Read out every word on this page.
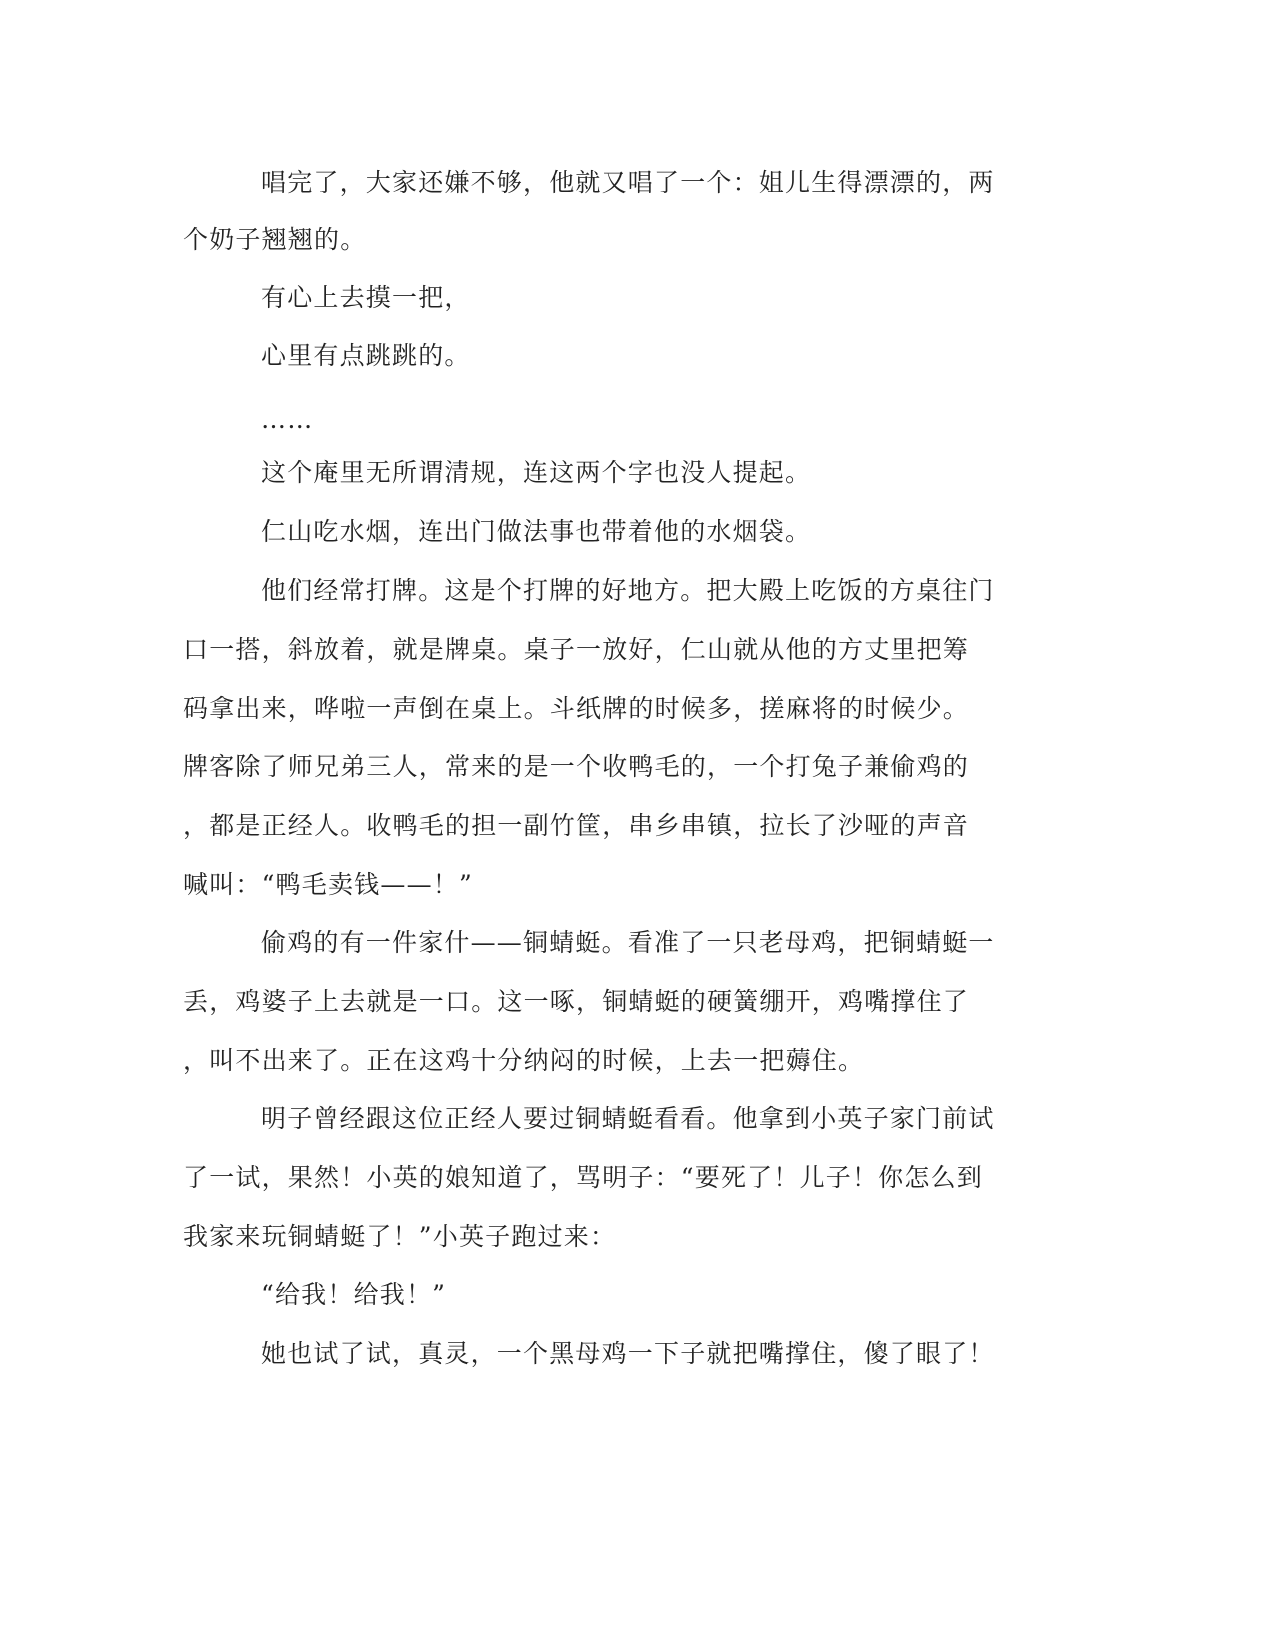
唱完了，大家还嫌不够，他就又唱了一个：姐儿生得漂漂的，两
个奶子翘翘的。
有心上去摸一把，
心里有点跳跳的。
……
这个庵里无所谓清规，连这两个字也没人提起。
仁山吃水烟，连出门做法事也带着他的水烟袋。
他们经常打牌。这是个打牌的好地方。把大殿上吃饭的方桌往门
口一搭，斜放着，就是牌桌。桌子一放好，仁山就从他的方丈里把筹
码拿出来，哗啦一声倒在桌上。斗纸牌的时候多，搓麻将的时候少。
牌客除了师兄弟三人，常来的是一个收鸭毛的，一个打兔子兼偷鸡的
，都是正经人。收鸭毛的担一副竹筐，串乡串镇，拉长了沙哑的声音
喊叫：“鸭毛卖钱——！”
偷鸡的有一件家什——铜蜻蜓。看准了一只老母鸡，把铜蜻蜓一
丢，鸡婆子上去就是一口。这一啄，铜蜻蜓的硬簧绷开，鸡嘴撑住了
，叫不出来了。正在这鸡十分纳闷的时候，上去一把薅住。
明子曾经跟这位正经人要过铜蜻蜓看看。他拿到小英子家门前试
了一试，果然！小英的娘知道了，骂明子：“要死了！儿子！你怎么到
我家来玩铜蜻蜓了！”小英子跑过来：
“给我！给我！”
她也试了试，真灵，一个黑母鸡一下子就把嘴撑住，傻了眼了！
